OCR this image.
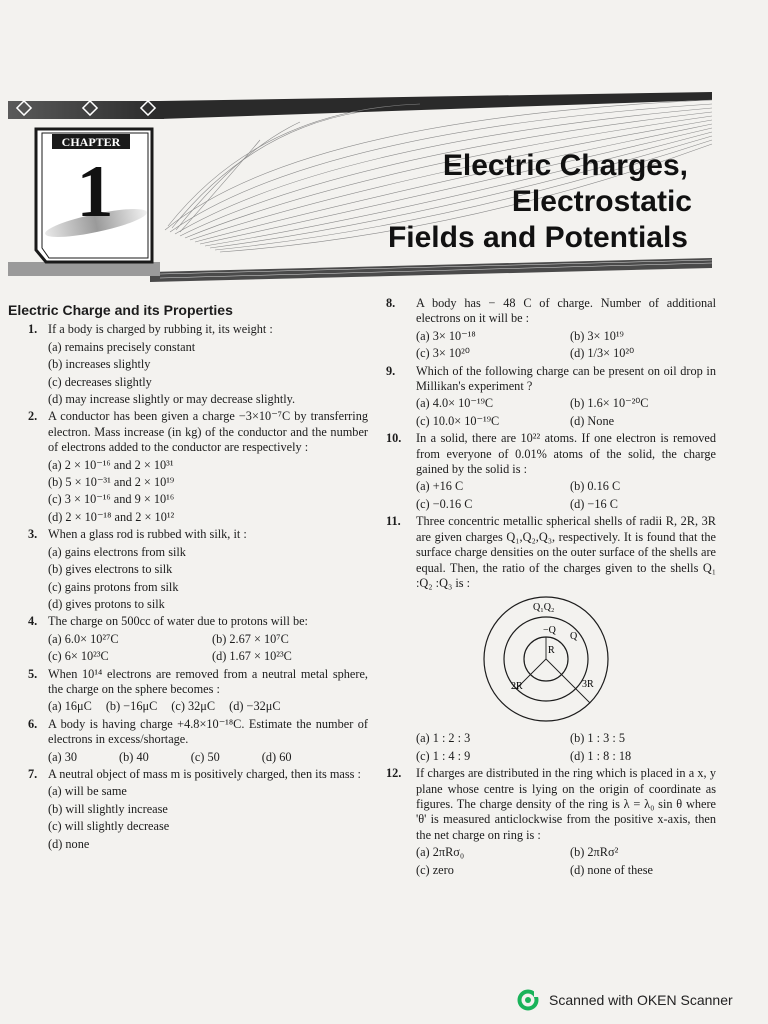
CHAPTER
1	Electric Charges,
Electrostatic
Fields and Potentials
Electric Charge and its Properties
1. If a body is charged by rubbing it, its weight :
(a) remains precisely constant
(b) increases slightly
(c) decreases slightly
(d) may increase slightly or may decrease slightly.
2. A conductor has been given a charge −3×10⁻⁷C by transferring electron. Mass increase (in kg) of the conductor and the number of electrons added to the conductor are respectively :
(a) 2 × 10⁻¹⁶ and 2 × 10³¹
(b) 5 × 10⁻³¹ and 2 × 10¹⁹
(c) 3 × 10⁻¹⁶ and 9 × 10¹⁶
(d) 2 × 10⁻¹⁸ and 2 × 10¹²
3. When a glass rod is rubbed with silk, it :
(a) gains electrons from silk
(b) gives electrons to silk
(c) gains protons from silk
(d) gives protons to silk
4. The charge on 500cc of water due to protons will be:
(a) 6.0× 10²⁷C	(b) 2.67 × 10⁷C
(c) 6× 10²³C	(d) 1.67 × 10²³C
5. When 10¹⁴ electrons are removed from a neutral metal sphere, the charge on the sphere becomes :
(a) 16μC (b) −16μC (c) 32μC (d) −32μC
6. A body is having charge +4.8×10⁻¹⁸C. Estimate the number of electrons in excess/shortage.
(a) 30	(b) 40	(c) 50	(d) 60
7. A neutral object of mass m is positively charged, then its mass :
(a) will be same
(b) will slightly increase
(c) will slightly decrease
(d) none
8. A body has − 48 C of charge. Number of additional electrons on it will be :
(a) 3× 10⁻¹⁸	(b) 3× 10¹⁹
(c) 3× 10²⁰	(d) 1/3× 10²⁰
9. Which of the following charge can be present on oil drop in Millikan's experiment ?
(a) 4.0× 10⁻¹⁹C	(b) 1.6× 10⁻²⁰C
(c) 10.0× 10⁻¹⁹C	(d) None
10. In a solid, there are 10²² atoms. If one electron is removed from everyone of 0.01% atoms of the solid, the charge gained by the solid is :
(a) +16 C	(b) 0.16 C
(c) −0.16 C	(d) −16 C
11. Three concentric metallic spherical shells of radii R, 2R, 3R are given charges Q₁,Q₂,Q₃, respectively. It is found that the surface charge densities on the outer surface of the shells are equal. Then, the ratio of the charges given to the shells Q₁ :Q₂ :Q₃ is :
Q₁Q₂
−Q
Q
R
2R	3R
(a) 1 : 2 : 3	(b) 1 : 3 : 5
(c) 1 : 4 : 9	(d) 1 : 8 : 18
12. If charges are distributed in the ring which is placed in a x, y plane whose centre is lying on the origin of coordinate as figures. The charge density of the ring is λ = λ₀ sin θ where 'θ' is measured anticlockwise from the positive x-axis, then the net charge on ring is :
(a) 2πRσ₀	(b) 2πRσ²
(c) zero	(d) none of these
Scanned with OKEN Scanner
